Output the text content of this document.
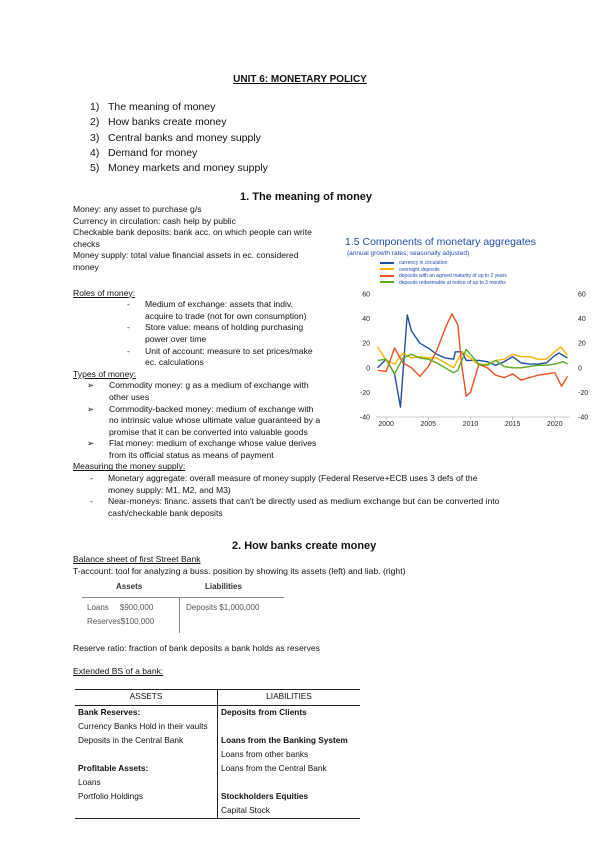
UNIT 6: MONETARY POLICY
1) The meaning of money
2) How banks create money
3) Central banks and money supply
4) Demand for money
5) Money markets and money supply
1. The meaning of money
Money: any asset to purchase g/s
Currency in circulation: cash help by public
Checkable bank deposits: bank acc. on which people can write
checks
Money supply: total value financial assets in ec. considered
money
Roles of money:
- Medium of exchange: assets that indiv.
acquire to trade (not for own consumption)
- Store value: means of holding purchasing
power over time
- Unit of account: measure to set prices/make
ec. calculations
Types of money:
➢ Commodity money: g as a medium of exchange with
other uses
➢ Commodity-backed money: medium of exchange with
no intrinsic value whose ultimate value guaranteed by a
promise that it can be converted into valuable goods
➢ Flat money: medium of exchange whose value derives
from its official status as means of payment
Measuring the money supply:
- Monetary aggregate: overall measure of money supply (Federal Reserve+ECB uses 3 defs of the
money supply: M1, M2, and M3)
- Near-moneys: financ. assets that can't be directly used as medium exchange but can be converted into
cash/checkable bank deposits
1.5 Components of monetary aggregates
(annual growth rates; seasonally adjusted)
currency in circulation
overnight deposits
deposits with an agreed maturity of up to 2 years
deposits redeemable at notice of up to 3 months
60	60
40	40
20	20
0	0
-20	-20
-40	-40
2000	2005	2010	2015	2020
2. How banks create money
Balance sheet of first Street Bank
T-account: tool for analyzing a buss. position by showing its assets (left) and liab. (right)
Assets	Liabilities
Loans     $900,000
Reserves$100,000
Deposits $1,000,000
Reserve ratio: fraction of bank deposits a bank holds as reserves
Extended BS of a bank:
ASSETS	LIABILITIES
Bank Reserves:	Deposits from Clients
Currency Banks Hold in their vaults	
Deposits in the Central Bank	Loans from the Banking System
	Loans from other banks
Profitable Assets:	Loans from the Central Bank
Loans	
Portfolio Holdings	Stockholders Equities
	Capital Stock
